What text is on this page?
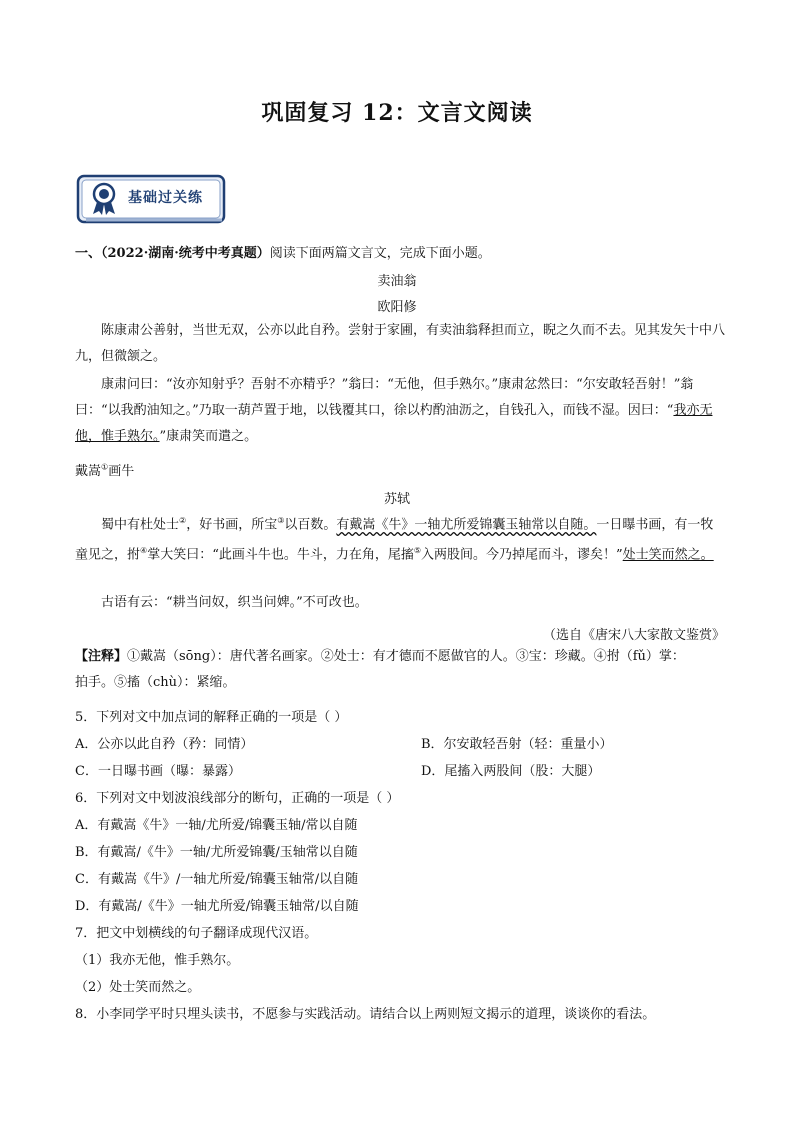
巩固复习 12：文言文阅读
基础过关练
一、（2022·湖南·统考中考真题）阅读下面两篇文言文，完成下面小题。
卖油翁
欧阳修
陈康肃公善射，当世无双，公亦以此自矜。尝射于家圃，有卖油翁释担而立，睨之久而不去。见其发矢十中八九，但微颔之。
康肃问曰：“汝亦知射乎？吾射不亦精乎？”翁曰：“无他，但手熟尔。”康肃忿然曰：“尔安敢轻吾射！”翁曰：“以我酌油知之。”乃取一葫芦置于地，以钱覆其口，徐以杓酌油沥之，自钱孔入，而钱不湿。因曰：“我亦无他，惟手熟尔。”康肃笑而遣之。
戴嵩①画牛
苏轼
蜀中有杜处士②，好书画，所宝③以百数。有戴嵩《牛》一轴尤所爱锦囊玉轴常以自随。一日曝书画，有一牧童见之，拊④掌大笑曰：“此画斗牛也。牛斗，力在角，尾搐⑤入两股间。今乃掉尾而斗，谬矣！”处士笑而然之。
古语有云：“耕当问奴，织当问婢。”不可改也。
（选自《唐宋八大家散文鉴赏》
【注释】①戴嵩（sōng）：唐代著名画家。②处士：有才德而不愿做官的人。③宝：珍藏。④拊（fǔ）掌：
拍手。⑤搐（chù）：紧缩。
5．下列对文中加点词的解释正确的一项是（ ）
A．公亦以此自矜（矜：同情）	B．尔安敢轻吾射（轻：重量小）
C．一日曝书画（曝：暴露）	D．尾搐入两股间（股：大腿）
6．下列对文中划波浪线部分的断句，正确的一项是（ ）
A．有戴嵩《牛》一轴/尤所爱/锦囊玉轴/常以自随
B．有戴嵩/《牛》一轴/尤所爱锦囊/玉轴常以自随
C．有戴嵩《牛》/一轴尤所爱/锦囊玉轴常/以自随
D．有戴嵩/《牛》一轴尤所爱/锦囊玉轴常/以自随
7．把文中划横线的句子翻译成现代汉语。
（1）我亦无他，惟手熟尔。
（2）处士笑而然之。
8．小李同学平时只埋头读书，不愿参与实践活动。请结合以上两则短文揭示的道理，谈谈你的看法。
